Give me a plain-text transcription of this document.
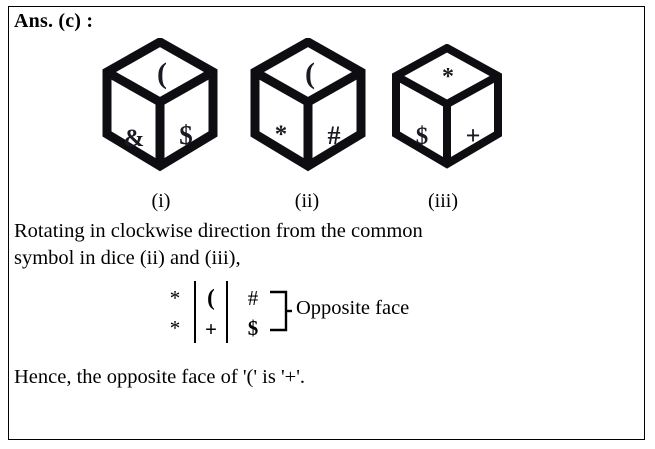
Ans. (c) :
(
& $
(
* #
*
$ +
(i)	(ii)	(iii)
Rotating in clockwise direction from the common
symbol in dice (ii) and (iii),
*
*
(
+
#
$
Opposite face
Hence, the opposite face of '(' is '+'.
